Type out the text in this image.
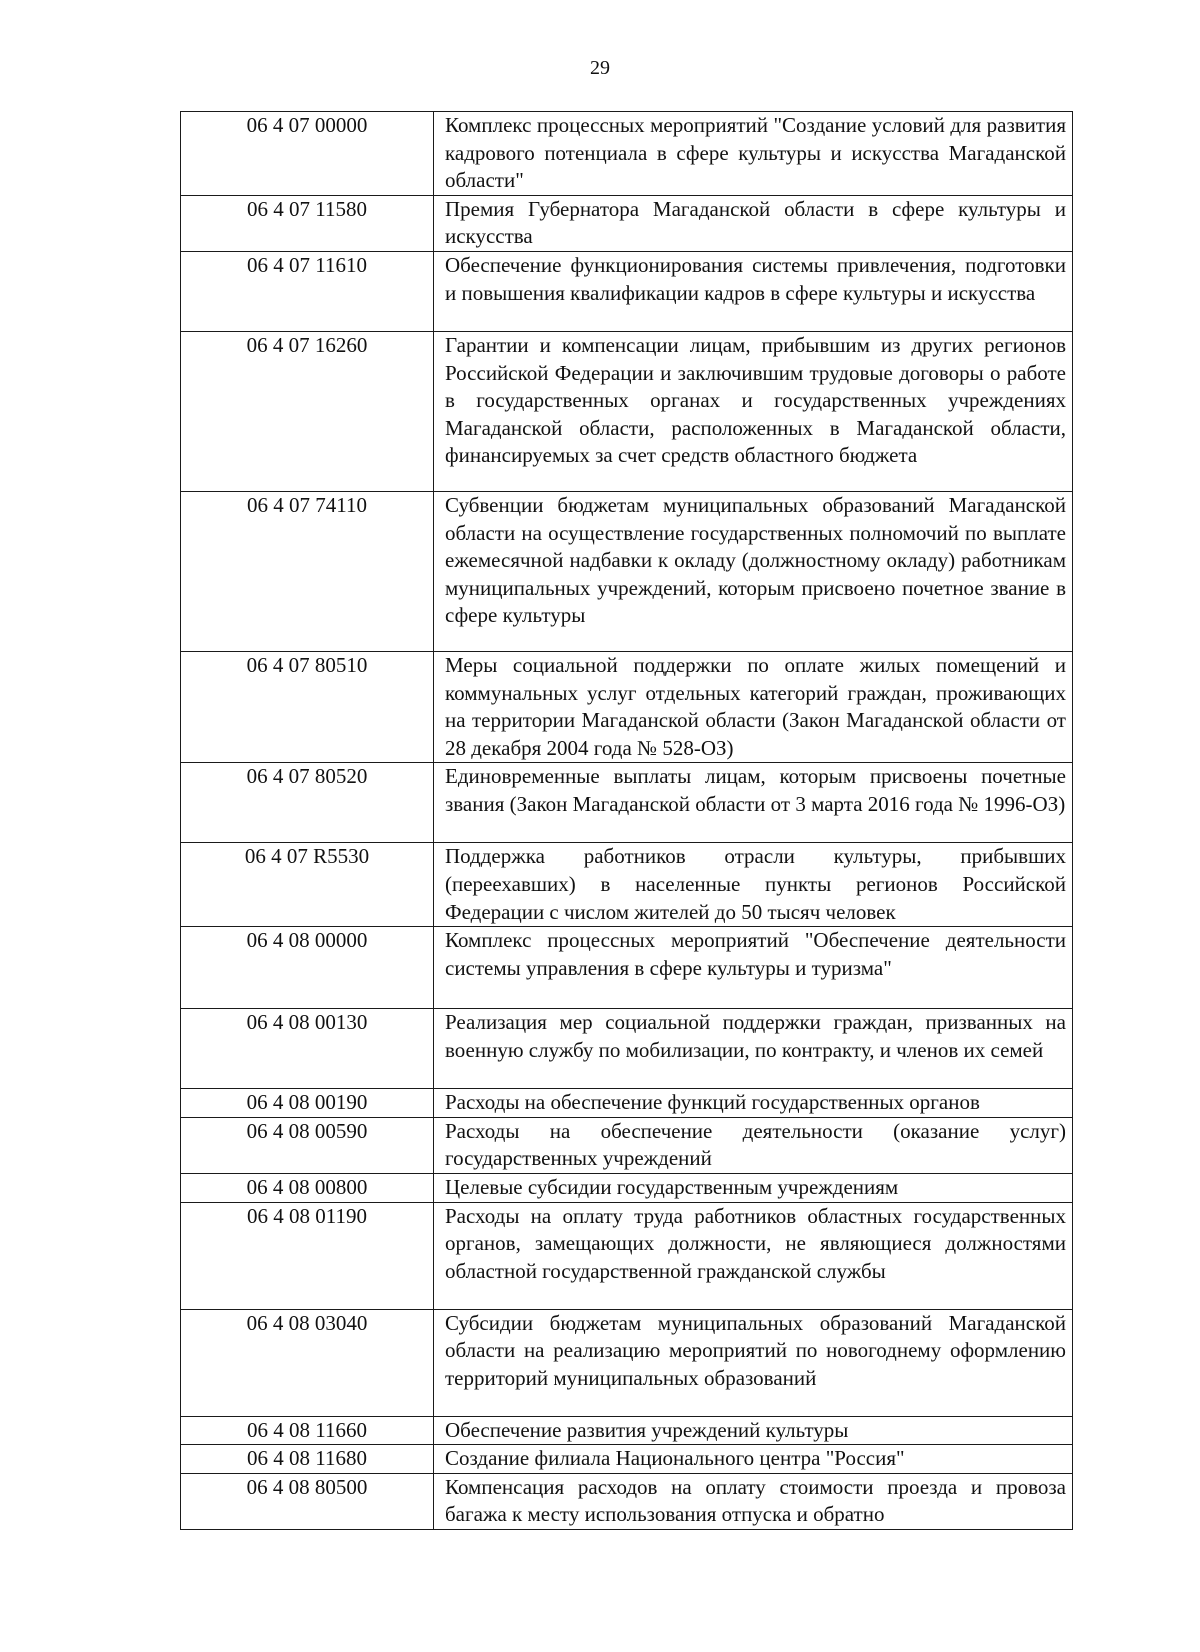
29
06 4 07 00000	Комплекс процессных мероприятий "Создание условий для развития кадрового потенциала в сфере культуры и искусства Магаданской области"
06 4 07 11580	Премия Губернатора Магаданской области в сфере культуры и искусства
06 4 07 11610	Обеспечение функционирования системы привлечения, подготовки и повышения квалификации кадров в сфере культуры и искусства
06 4 07 16260	Гарантии и компенсации лицам, прибывшим из других регионов Российской Федерации и заключившим трудовые договоры о работе в государственных органах и государственных учреждениях Магаданской области, расположенных в Магаданской области, финансируемых за счет средств областного бюджета
06 4 07 74110	Субвенции бюджетам муниципальных образований Магаданской области на осуществление государственных полномочий по выплате ежемесячной надбавки к окладу (должностному окладу) работникам муниципальных учреждений, которым присвоено почетное звание в сфере культуры
06 4 07 80510	Меры социальной поддержки по оплате жилых помещений и коммунальных услуг отдельных категорий граждан, проживающих на территории Магаданской области (Закон Магаданской области от 28 декабря 2004 года № 528-ОЗ)
06 4 07 80520	Единовременные выплаты лицам, которым присвоены почетные звания (Закон Магаданской области от 3 марта 2016 года № 1996-ОЗ)
06 4 07 R5530	Поддержка работников отрасли культуры, прибывших (переехавших) в населенные пункты регионов Российской Федерации с числом жителей до 50 тысяч человек
06 4 08 00000	Комплекс процессных мероприятий "Обеспечение деятельности системы управления в сфере культуры и туризма"
06 4 08 00130	Реализация мер социальной поддержки граждан, призванных на военную службу по мобилизации, по контракту, и членов их семей
06 4 08 00190	Расходы на обеспечение функций государственных органов
06 4 08 00590	Расходы на обеспечение деятельности (оказание услуг) государственных учреждений
06 4 08 00800	Целевые субсидии государственным учреждениям
06 4 08 01190	Расходы на оплату труда работников областных государственных органов, замещающих должности, не являющиеся должностями областной государственной гражданской службы
06 4 08 03040	Субсидии бюджетам муниципальных образований Магаданской области на реализацию мероприятий по новогоднему оформлению территорий муниципальных образований
06 4 08 11660	Обеспечение развития учреждений культуры
06 4 08 11680	Создание филиала Национального центра "Россия"
06 4 08 80500	Компенсация расходов на оплату стоимости проезда и провоза багажа к месту использования отпуска и обратно
